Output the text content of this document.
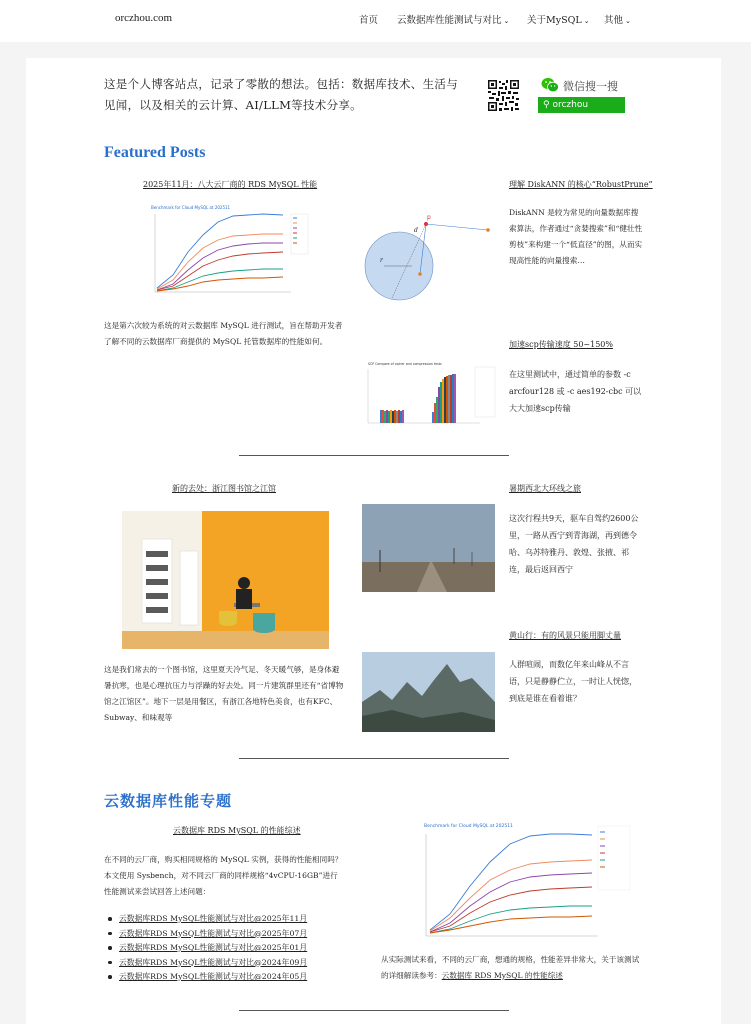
orczhou.com	首页 云数据库性能测试与对比 ⌄ 关于MySQL ⌄ 其他 ⌄

这是个人博客站点，记录了零散的想法。包括：数据库技术、生活与见闻，以及相关的云计算、AI/LLM等技术分享。

微信搜一搜
⚲ orczhou
Featured Posts
2025年11月：八大云厂商的 RDS MySQL 性能
Benchmark for Cloud MySQL at 202511

这是第六次较为系统的对云数据库 MySQL 进行测试，旨在帮助开发者了解不同的云数据库厂商提供的 MySQL 托管数据库的性能如何。

p
d
r
理解 DiskANN 的核心“RobustPrune”

DiskANN 是较为常见的向量数据库搜索算法，作者通过“贪婪搜索”和“健壮性剪枝”来构建一个“低直径”的图，从而实现高性能的向量搜索…

加速scp传输速度 50~150%

在这里测试中，通过简单的参数 -c arcfour128 或 -c aes192-cbc 可以大大加速scp传输

SCP Compare of cipher and compression tests
新的去处：浙江图书馆之江馆

这是我们常去的一个图书馆，这里夏天冷气足、冬天暖气够，是身体避暑抗寒，也是心理抗压力与浮躁的好去处。同一片建筑群里还有“省博物馆之江馆区”。地下一层是用餐区，有浙江各地特色美食，也有KFC、Subway、和味观等

暑期西北大环线之旅

这次行程共9天，驱车自驾约2600公里，一路从西宁到青海湖，再到德令哈、乌苏特雅丹、敦煌、张掖、祁连，最后返回西宁

黄山行：有的风景只能用脚丈量

人群喧闹，而数亿年来山峰从不言语，只是静静伫立，一时让人恍惚，到底是谁在看着谁？

云数据库性能专题
云数据库 RDS MySQL 的性能综述

在不同的云厂商，购买相同规格的 MySQL 实例，获得的性能相同吗？本文使用 Sysbench，对不同云厂商的同样规格“4vCPU-16GB”进行性能测试来尝试回答上述问题：

云数据库RDS MySQL性能测试与对比@2025年11月
云数据库RDS MySQL性能测试与对比@2025年07月
云数据库RDS MySQL性能测试与对比@2025年01月
云数据库RDS MySQL性能测试与对比@2024年09月
云数据库RDS MySQL性能测试与对比@2024年05月
Benchmark for Cloud MySQL at 202511

从实际测试来看，不同的云厂商，想通的规格，性能差异非常大，关于该测试的详细解读参考：云数据库 RDS MySQL 的性能综述
